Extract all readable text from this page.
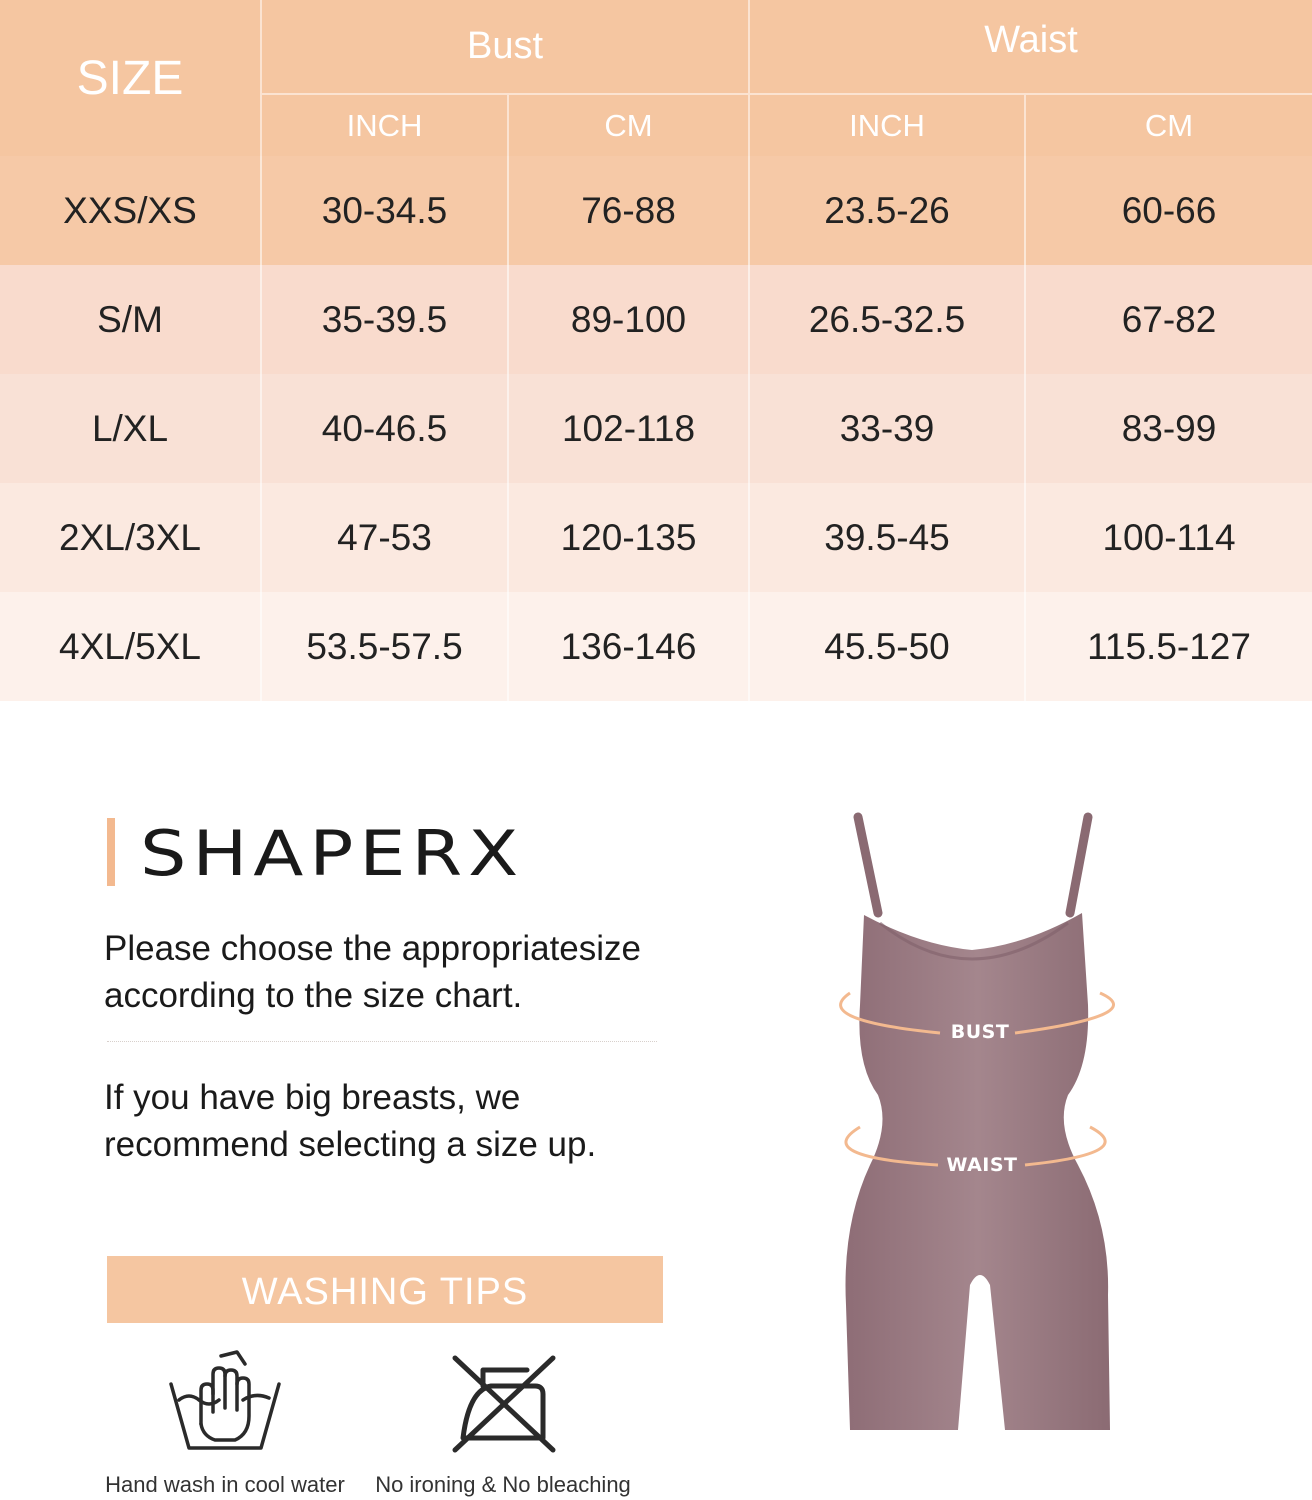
SIZE	Bust		Waist	
	INCH	CM	INCH	CM
XXS/XS	30-34.5	76-88	23.5-26	60-66
S/M	35-39.5	89-100	26.5-32.5	67-82
L/XL	40-46.5	102-118	33-39	83-99
2XL/3XL	47-53	120-135	39.5-45	100-114
4XL/5XL	53.5-57.5	136-146	45.5-50	115.5-127
SHAPERX

Please choose the appropriatesize according to the size chart.

If you have big breasts, we recommend selecting a size up.

WASHING TIPS
Hand wash in cool water No ironing & No bleaching
BUST
WAIST
